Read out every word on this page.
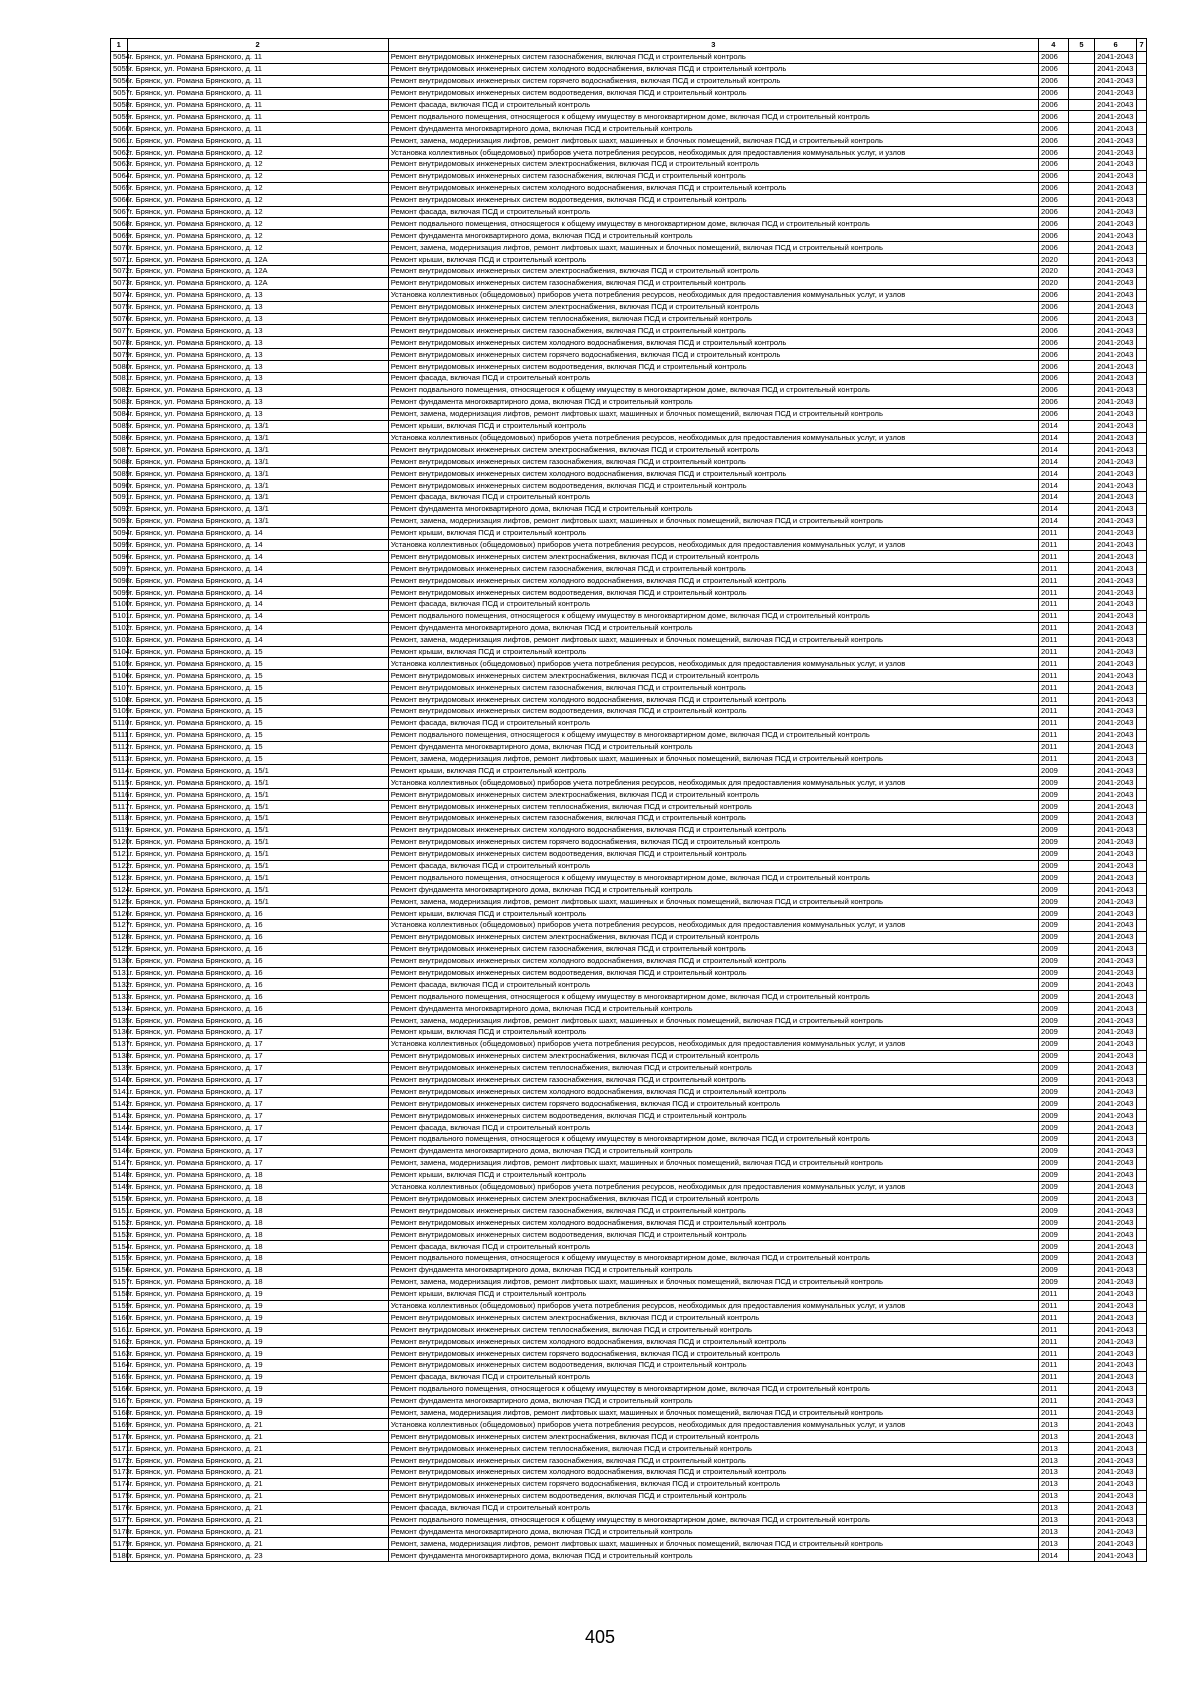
1	2	3	4	5	6	7
5054	г. Брянск, ул. Романа Брянского, д. 11	Ремонт внутридомовых инженерных систем газоснабжения, включая ПСД и строительный контроль	2006		2041-2043	
5055	г. Брянск, ул. Романа Брянского, д. 11	Ремонт внутридомовых инженерных систем холодного водоснабжения, включая ПСД и строительный контроль	2006		2041-2043	
5056	г. Брянск, ул. Романа Брянского, д. 11	Ремонт внутридомовых инженерных систем горячего водоснабжения, включая ПСД и строительный контроль	2006		2041-2043	
5057	г. Брянск, ул. Романа Брянского, д. 11	Ремонт внутридомовых инженерных систем водоотведения, включая ПСД и строительный контроль	2006		2041-2043	
5058	г. Брянск, ул. Романа Брянского, д. 11	Ремонт фасада, включая ПСД и строительный контроль	2006		2041-2043	
5059	г. Брянск, ул. Романа Брянского, д. 11	Ремонт подвального помещения, относящегося к общему имуществу в многоквартирном доме, включая ПСД и строительный контроль	2006		2041-2043	
5060	г. Брянск, ул. Романа Брянского, д. 11	Ремонт фундамента многоквартирного дома, включая ПСД и строительный контроль	2006		2041-2043	
5061	г. Брянск, ул. Романа Брянского, д. 11	Ремонт, замена, модернизация лифтов, ремонт лифтовых шахт, машинных и блочных помещений, включая ПСД и строительный контроль	2006		2041-2043	
5062	г. Брянск, ул. Романа Брянского, д. 12	Установка коллективных (общедомовых) приборов учета потребления ресурсов, необходимых для предоставления коммунальных услуг, и узлов	2006		2041-2043	
5063	г. Брянск, ул. Романа Брянского, д. 12	Ремонт внутридомовых инженерных систем электроснабжения, включая ПСД и строительный контроль	2006		2041-2043	
5064	г. Брянск, ул. Романа Брянского, д. 12	Ремонт внутридомовых инженерных систем газоснабжения, включая ПСД и строительный контроль	2006		2041-2043	
5065	г. Брянск, ул. Романа Брянского, д. 12	Ремонт внутридомовых инженерных систем холодного водоснабжения, включая ПСД и строительный контроль	2006		2041-2043	
5066	г. Брянск, ул. Романа Брянского, д. 12	Ремонт внутридомовых инженерных систем водоотведения, включая ПСД и строительный контроль	2006		2041-2043	
5067	г. Брянск, ул. Романа Брянского, д. 12	Ремонт фасада, включая ПСД и строительный контроль	2006		2041-2043	
5068	г. Брянск, ул. Романа Брянского, д. 12	Ремонт подвального помещения, относящегося к общему имуществу в многоквартирном доме, включая ПСД и строительный контроль	2006		2041-2043	
5069	г. Брянск, ул. Романа Брянского, д. 12	Ремонт фундамента многоквартирного дома, включая ПСД и строительный контроль	2006		2041-2043	
5070	г. Брянск, ул. Романа Брянского, д. 12	Ремонт, замена, модернизация лифтов, ремонт лифтовых шахт, машинных и блочных помещений, включая ПСД и строительный контроль	2006		2041-2043	
5071	г. Брянск, ул. Романа Брянского, д. 12А	Ремонт крыши, включая ПСД и строительный контроль	2020		2041-2043	
5072	г. Брянск, ул. Романа Брянского, д. 12А	Ремонт внутридомовых инженерных систем электроснабжения, включая ПСД и строительный контроль	2020		2041-2043	
5073	г. Брянск, ул. Романа Брянского, д. 12А	Ремонт внутридомовых инженерных систем газоснабжения, включая ПСД и строительный контроль	2020		2041-2043	
5074	г. Брянск, ул. Романа Брянского, д. 13	Установка коллективных (общедомовых) приборов учета потребления ресурсов, необходимых для предоставления коммунальных услуг, и узлов	2006		2041-2043	
5075	г. Брянск, ул. Романа Брянского, д. 13	Ремонт внутридомовых инженерных систем электроснабжения, включая ПСД и строительный контроль	2006		2041-2043	
5076	г. Брянск, ул. Романа Брянского, д. 13	Ремонт внутридомовых инженерных систем теплоснабжения, включая ПСД и строительный контроль	2006		2041-2043	
5077	г. Брянск, ул. Романа Брянского, д. 13	Ремонт внутридомовых инженерных систем газоснабжения, включая ПСД и строительный контроль	2006		2041-2043	
5078	г. Брянск, ул. Романа Брянского, д. 13	Ремонт внутридомовых инженерных систем холодного водоснабжения, включая ПСД и строительный контроль	2006		2041-2043	
5079	г. Брянск, ул. Романа Брянского, д. 13	Ремонт внутридомовых инженерных систем горячего водоснабжения, включая ПСД и строительный контроль	2006		2041-2043	
5080	г. Брянск, ул. Романа Брянского, д. 13	Ремонт внутридомовых инженерных систем водоотведения, включая ПСД и строительный контроль	2006		2041-2043	
5081	г. Брянск, ул. Романа Брянского, д. 13	Ремонт фасада, включая ПСД и строительный контроль	2006		2041-2043	
5082	г. Брянск, ул. Романа Брянского, д. 13	Ремонт подвального помещения, относящегося к общему имуществу в многоквартирном доме, включая ПСД и строительный контроль	2006		2041-2043	
5083	г. Брянск, ул. Романа Брянского, д. 13	Ремонт фундамента многоквартирного дома, включая ПСД и строительный контроль	2006		2041-2043	
5084	г. Брянск, ул. Романа Брянского, д. 13	Ремонт, замена, модернизация лифтов, ремонт лифтовых шахт, машинных и блочных помещений, включая ПСД и строительный контроль	2006		2041-2043	
5085	г. Брянск, ул. Романа Брянского, д. 13/1	Ремонт крыши, включая ПСД и строительный контроль	2014		2041-2043	
5086	г. Брянск, ул. Романа Брянского, д. 13/1	Установка коллективных (общедомовых) приборов учета потребления ресурсов, необходимых для предоставления коммунальных услуг, и узлов	2014		2041-2043	
5087	г. Брянск, ул. Романа Брянского, д. 13/1	Ремонт внутридомовых инженерных систем электроснабжения, включая ПСД и строительный контроль	2014		2041-2043	
5088	г. Брянск, ул. Романа Брянского, д. 13/1	Ремонт внутридомовых инженерных систем газоснабжения, включая ПСД и строительный контроль	2014		2041-2043	
5089	г. Брянск, ул. Романа Брянского, д. 13/1	Ремонт внутридомовых инженерных систем холодного водоснабжения, включая ПСД и строительный контроль	2014		2041-2043	
5090	г. Брянск, ул. Романа Брянского, д. 13/1	Ремонт внутридомовых инженерных систем водоотведения, включая ПСД и строительный контроль	2014		2041-2043	
5091	г. Брянск, ул. Романа Брянского, д. 13/1	Ремонт фасада, включая ПСД и строительный контроль	2014		2041-2043	
5092	г. Брянск, ул. Романа Брянского, д. 13/1	Ремонт фундамента многоквартирного дома, включая ПСД и строительный контроль	2014		2041-2043	
5093	г. Брянск, ул. Романа Брянского, д. 13/1	Ремонт, замена, модернизация лифтов, ремонт лифтовых шахт, машинных и блочных помещений, включая ПСД и строительный контроль	2014		2041-2043	
5094	г. Брянск, ул. Романа Брянского, д. 14	Ремонт крыши, включая ПСД и строительный контроль	2011		2041-2043	
5095	г. Брянск, ул. Романа Брянского, д. 14	Установка коллективных (общедомовых) приборов учета потребления ресурсов, необходимых для предоставления коммунальных услуг, и узлов	2011		2041-2043	
5096	г. Брянск, ул. Романа Брянского, д. 14	Ремонт внутридомовых инженерных систем электроснабжения, включая ПСД и строительный контроль	2011		2041-2043	
5097	г. Брянск, ул. Романа Брянского, д. 14	Ремонт внутридомовых инженерных систем газоснабжения, включая ПСД и строительный контроль	2011		2041-2043	
5098	г. Брянск, ул. Романа Брянского, д. 14	Ремонт внутридомовых инженерных систем холодного водоснабжения, включая ПСД и строительный контроль	2011		2041-2043	
5099	г. Брянск, ул. Романа Брянского, д. 14	Ремонт внутридомовых инженерных систем водоотведения, включая ПСД и строительный контроль	2011		2041-2043	
5100	г. Брянск, ул. Романа Брянского, д. 14	Ремонт фасада, включая ПСД и строительный контроль	2011		2041-2043	
5101	г. Брянск, ул. Романа Брянского, д. 14	Ремонт подвального помещения, относящегося к общему имуществу в многоквартирном доме, включая ПСД и строительный контроль	2011		2041-2043	
5102	г. Брянск, ул. Романа Брянского, д. 14	Ремонт фундамента многоквартирного дома, включая ПСД и строительный контроль	2011		2041-2043	
5103	г. Брянск, ул. Романа Брянского, д. 14	Ремонт, замена, модернизация лифтов, ремонт лифтовых шахт, машинных и блочных помещений, включая ПСД и строительный контроль	2011		2041-2043	
5104	г. Брянск, ул. Романа Брянского, д. 15	Ремонт крыши, включая ПСД и строительный контроль	2011		2041-2043	
5105	г. Брянск, ул. Романа Брянского, д. 15	Установка коллективных (общедомовых) приборов учета потребления ресурсов, необходимых для предоставления коммунальных услуг, и узлов	2011		2041-2043	
5106	г. Брянск, ул. Романа Брянского, д. 15	Ремонт внутридомовых инженерных систем электроснабжения, включая ПСД и строительный контроль	2011		2041-2043	
5107	г. Брянск, ул. Романа Брянского, д. 15	Ремонт внутридомовых инженерных систем газоснабжения, включая ПСД и строительный контроль	2011		2041-2043	
5108	г. Брянск, ул. Романа Брянского, д. 15	Ремонт внутридомовых инженерных систем холодного водоснабжения, включая ПСД и строительный контроль	2011		2041-2043	
5109	г. Брянск, ул. Романа Брянского, д. 15	Ремонт внутридомовых инженерных систем водоотведения, включая ПСД и строительный контроль	2011		2041-2043	
5110	г. Брянск, ул. Романа Брянского, д. 15	Ремонт фасада, включая ПСД и строительный контроль	2011		2041-2043	
5111	г. Брянск, ул. Романа Брянского, д. 15	Ремонт подвального помещения, относящегося к общему имуществу в многоквартирном доме, включая ПСД и строительный контроль	2011		2041-2043	
5112	г. Брянск, ул. Романа Брянского, д. 15	Ремонт фундамента многоквартирного дома, включая ПСД и строительный контроль	2011		2041-2043	
5113	г. Брянск, ул. Романа Брянского, д. 15	Ремонт, замена, модернизация лифтов, ремонт лифтовых шахт, машинных и блочных помещений, включая ПСД и строительный контроль	2011		2041-2043	
5114	г. Брянск, ул. Романа Брянского, д. 15/1	Ремонт крыши, включая ПСД и строительный контроль	2009		2041-2043	
5115	г. Брянск, ул. Романа Брянского, д. 15/1	Установка коллективных (общедомовых) приборов учета потребления ресурсов, необходимых для предоставления коммунальных услуг, и узлов	2009		2041-2043	
5116	г. Брянск, ул. Романа Брянского, д. 15/1	Ремонт внутридомовых инженерных систем электроснабжения, включая ПСД и строительный контроль	2009		2041-2043	
5117	г. Брянск, ул. Романа Брянского, д. 15/1	Ремонт внутридомовых инженерных систем теплоснабжения, включая ПСД и строительный контроль	2009		2041-2043	
5118	г. Брянск, ул. Романа Брянского, д. 15/1	Ремонт внутридомовых инженерных систем газоснабжения, включая ПСД и строительный контроль	2009		2041-2043	
5119	г. Брянск, ул. Романа Брянского, д. 15/1	Ремонт внутридомовых инженерных систем холодного водоснабжения, включая ПСД и строительный контроль	2009		2041-2043	
5120	г. Брянск, ул. Романа Брянского, д. 15/1	Ремонт внутридомовых инженерных систем горячего водоснабжения, включая ПСД и строительный контроль	2009		2041-2043	
5121	г. Брянск, ул. Романа Брянского, д. 15/1	Ремонт внутридомовых инженерных систем водоотведения, включая ПСД и строительный контроль	2009		2041-2043	
5122	г. Брянск, ул. Романа Брянского, д. 15/1	Ремонт фасада, включая ПСД и строительный контроль	2009		2041-2043	
5123	г. Брянск, ул. Романа Брянского, д. 15/1	Ремонт подвального помещения, относящегося к общему имуществу в многоквартирном доме, включая ПСД и строительный контроль	2009		2041-2043	
5124	г. Брянск, ул. Романа Брянского, д. 15/1	Ремонт фундамента многоквартирного дома, включая ПСД и строительный контроль	2009		2041-2043	
5125	г. Брянск, ул. Романа Брянского, д. 15/1	Ремонт, замена, модернизация лифтов, ремонт лифтовых шахт, машинных и блочных помещений, включая ПСД и строительный контроль	2009		2041-2043	
5126	г. Брянск, ул. Романа Брянского, д. 16	Ремонт крыши, включая ПСД и строительный контроль	2009		2041-2043	
5127	г. Брянск, ул. Романа Брянского, д. 16	Установка коллективных (общедомовых) приборов учета потребления ресурсов, необходимых для предоставления коммунальных услуг, и узлов	2009		2041-2043	
5128	г. Брянск, ул. Романа Брянского, д. 16	Ремонт внутридомовых инженерных систем электроснабжения, включая ПСД и строительный контроль	2009		2041-2043	
5129	г. Брянск, ул. Романа Брянского, д. 16	Ремонт внутридомовых инженерных систем газоснабжения, включая ПСД и строительный контроль	2009		2041-2043	
5130	г. Брянск, ул. Романа Брянского, д. 16	Ремонт внутридомовых инженерных систем холодного водоснабжения, включая ПСД и строительный контроль	2009		2041-2043	
5131	г. Брянск, ул. Романа Брянского, д. 16	Ремонт внутридомовых инженерных систем водоотведения, включая ПСД и строительный контроль	2009		2041-2043	
5132	г. Брянск, ул. Романа Брянского, д. 16	Ремонт фасада, включая ПСД и строительный контроль	2009		2041-2043	
5133	г. Брянск, ул. Романа Брянского, д. 16	Ремонт подвального помещения, относящегося к общему имуществу в многоквартирном доме, включая ПСД и строительный контроль	2009		2041-2043	
5134	г. Брянск, ул. Романа Брянского, д. 16	Ремонт фундамента многоквартирного дома, включая ПСД и строительный контроль	2009		2041-2043	
5135	г. Брянск, ул. Романа Брянского, д. 16	Ремонт, замена, модернизация лифтов, ремонт лифтовых шахт, машинных и блочных помещений, включая ПСД и строительный контроль	2009		2041-2043	
5136	г. Брянск, ул. Романа Брянского, д. 17	Ремонт крыши, включая ПСД и строительный контроль	2009		2041-2043	
5137	г. Брянск, ул. Романа Брянского, д. 17	Установка коллективных (общедомовых) приборов учета потребления ресурсов, необходимых для предоставления коммунальных услуг, и узлов	2009		2041-2043	
5138	г. Брянск, ул. Романа Брянского, д. 17	Ремонт внутридомовых инженерных систем электроснабжения, включая ПСД и строительный контроль	2009		2041-2043	
5139	г. Брянск, ул. Романа Брянского, д. 17	Ремонт внутридомовых инженерных систем теплоснабжения, включая ПСД и строительный контроль	2009		2041-2043	
5140	г. Брянск, ул. Романа Брянского, д. 17	Ремонт внутридомовых инженерных систем газоснабжения, включая ПСД и строительный контроль	2009		2041-2043	
5141	г. Брянск, ул. Романа Брянского, д. 17	Ремонт внутридомовых инженерных систем холодного водоснабжения, включая ПСД и строительный контроль	2009		2041-2043	
5142	г. Брянск, ул. Романа Брянского, д. 17	Ремонт внутридомовых инженерных систем горячего водоснабжения, включая ПСД и строительный контроль	2009		2041-2043	
5143	г. Брянск, ул. Романа Брянского, д. 17	Ремонт внутридомовых инженерных систем водоотведения, включая ПСД и строительный контроль	2009		2041-2043	
5144	г. Брянск, ул. Романа Брянского, д. 17	Ремонт фасада, включая ПСД и строительный контроль	2009		2041-2043	
5145	г. Брянск, ул. Романа Брянского, д. 17	Ремонт подвального помещения, относящегося к общему имуществу в многоквартирном доме, включая ПСД и строительный контроль	2009		2041-2043	
5146	г. Брянск, ул. Романа Брянского, д. 17	Ремонт фундамента многоквартирного дома, включая ПСД и строительный контроль	2009		2041-2043	
5147	г. Брянск, ул. Романа Брянского, д. 17	Ремонт, замена, модернизация лифтов, ремонт лифтовых шахт, машинных и блочных помещений, включая ПСД и строительный контроль	2009		2041-2043	
5148	г. Брянск, ул. Романа Брянского, д. 18	Ремонт крыши, включая ПСД и строительный контроль	2009		2041-2043	
5149	г. Брянск, ул. Романа Брянского, д. 18	Установка коллективных (общедомовых) приборов учета потребления ресурсов, необходимых для предоставления коммунальных услуг, и узлов	2009		2041-2043	
5150	г. Брянск, ул. Романа Брянского, д. 18	Ремонт внутридомовых инженерных систем электроснабжения, включая ПСД и строительный контроль	2009		2041-2043	
5151	г. Брянск, ул. Романа Брянского, д. 18	Ремонт внутридомовых инженерных систем газоснабжения, включая ПСД и строительный контроль	2009		2041-2043	
5152	г. Брянск, ул. Романа Брянского, д. 18	Ремонт внутридомовых инженерных систем холодного водоснабжения, включая ПСД и строительный контроль	2009		2041-2043	
5153	г. Брянск, ул. Романа Брянского, д. 18	Ремонт внутридомовых инженерных систем водоотведения, включая ПСД и строительный контроль	2009		2041-2043	
5154	г. Брянск, ул. Романа Брянского, д. 18	Ремонт фасада, включая ПСД и строительный контроль	2009		2041-2043	
5155	г. Брянск, ул. Романа Брянского, д. 18	Ремонт подвального помещения, относящегося к общему имуществу в многоквартирном доме, включая ПСД и строительный контроль	2009		2041-2043	
5156	г. Брянск, ул. Романа Брянского, д. 18	Ремонт фундамента многоквартирного дома, включая ПСД и строительный контроль	2009		2041-2043	
5157	г. Брянск, ул. Романа Брянского, д. 18	Ремонт, замена, модернизация лифтов, ремонт лифтовых шахт, машинных и блочных помещений, включая ПСД и строительный контроль	2009		2041-2043	
5158	г. Брянск, ул. Романа Брянского, д. 19	Ремонт крыши, включая ПСД и строительный контроль	2011		2041-2043	
5159	г. Брянск, ул. Романа Брянского, д. 19	Установка коллективных (общедомовых) приборов учета потребления ресурсов, необходимых для предоставления коммунальных услуг, и узлов	2011		2041-2043	
5160	г. Брянск, ул. Романа Брянского, д. 19	Ремонт внутридомовых инженерных систем электроснабжения, включая ПСД и строительный контроль	2011		2041-2043	
5161	г. Брянск, ул. Романа Брянского, д. 19	Ремонт внутридомовых инженерных систем теплоснабжения, включая ПСД и строительный контроль	2011		2041-2043	
5162	г. Брянск, ул. Романа Брянского, д. 19	Ремонт внутридомовых инженерных систем холодного водоснабжения, включая ПСД и строительный контроль	2011		2041-2043	
5163	г. Брянск, ул. Романа Брянского, д. 19	Ремонт внутридомовых инженерных систем горячего водоснабжения, включая ПСД и строительный контроль	2011		2041-2043	
5164	г. Брянск, ул. Романа Брянского, д. 19	Ремонт внутридомовых инженерных систем водоотведения, включая ПСД и строительный контроль	2011		2041-2043	
5165	г. Брянск, ул. Романа Брянского, д. 19	Ремонт фасада, включая ПСД и строительный контроль	2011		2041-2043	
5166	г. Брянск, ул. Романа Брянского, д. 19	Ремонт подвального помещения, относящегося к общему имуществу в многоквартирном доме, включая ПСД и строительный контроль	2011		2041-2043	
5167	г. Брянск, ул. Романа Брянского, д. 19	Ремонт фундамента многоквартирного дома, включая ПСД и строительный контроль	2011		2041-2043	
5168	г. Брянск, ул. Романа Брянского, д. 19	Ремонт, замена, модернизация лифтов, ремонт лифтовых шахт, машинных и блочных помещений, включая ПСД и строительный контроль	2011		2041-2043	
5169	г. Брянск, ул. Романа Брянского, д. 21	Установка коллективных (общедомовых) приборов учета потребления ресурсов, необходимых для предоставления коммунальных услуг, и узлов	2013		2041-2043	
5170	г. Брянск, ул. Романа Брянского, д. 21	Ремонт внутридомовых инженерных систем электроснабжения, включая ПСД и строительный контроль	2013		2041-2043	
5171	г. Брянск, ул. Романа Брянского, д. 21	Ремонт внутридомовых инженерных систем теплоснабжения, включая ПСД и строительный контроль	2013		2041-2043	
5172	г. Брянск, ул. Романа Брянского, д. 21	Ремонт внутридомовых инженерных систем газоснабжения, включая ПСД и строительный контроль	2013		2041-2043	
5173	г. Брянск, ул. Романа Брянского, д. 21	Ремонт внутридомовых инженерных систем холодного водоснабжения, включая ПСД и строительный контроль	2013		2041-2043	
5174	г. Брянск, ул. Романа Брянского, д. 21	Ремонт внутридомовых инженерных систем горячего водоснабжения, включая ПСД и строительный контроль	2013		2041-2043	
5175	г. Брянск, ул. Романа Брянского, д. 21	Ремонт внутридомовых инженерных систем водоотведения, включая ПСД и строительный контроль	2013		2041-2043	
5176	г. Брянск, ул. Романа Брянского, д. 21	Ремонт фасада, включая ПСД и строительный контроль	2013		2041-2043	
5177	г. Брянск, ул. Романа Брянского, д. 21	Ремонт подвального помещения, относящегося к общему имуществу в многоквартирном доме, включая ПСД и строительный контроль	2013		2041-2043	
5178	г. Брянск, ул. Романа Брянского, д. 21	Ремонт фундамента многоквартирного дома, включая ПСД и строительный контроль	2013		2041-2043	
5179	г. Брянск, ул. Романа Брянского, д. 21	Ремонт, замена, модернизация лифтов, ремонт лифтовых шахт, машинных и блочных помещений, включая ПСД и строительный контроль	2013		2041-2043	
5180	г. Брянск, ул. Романа Брянского, д. 23	Ремонт фундамента многоквартирного дома, включая ПСД и строительный контроль	2014		2041-2043	
405
